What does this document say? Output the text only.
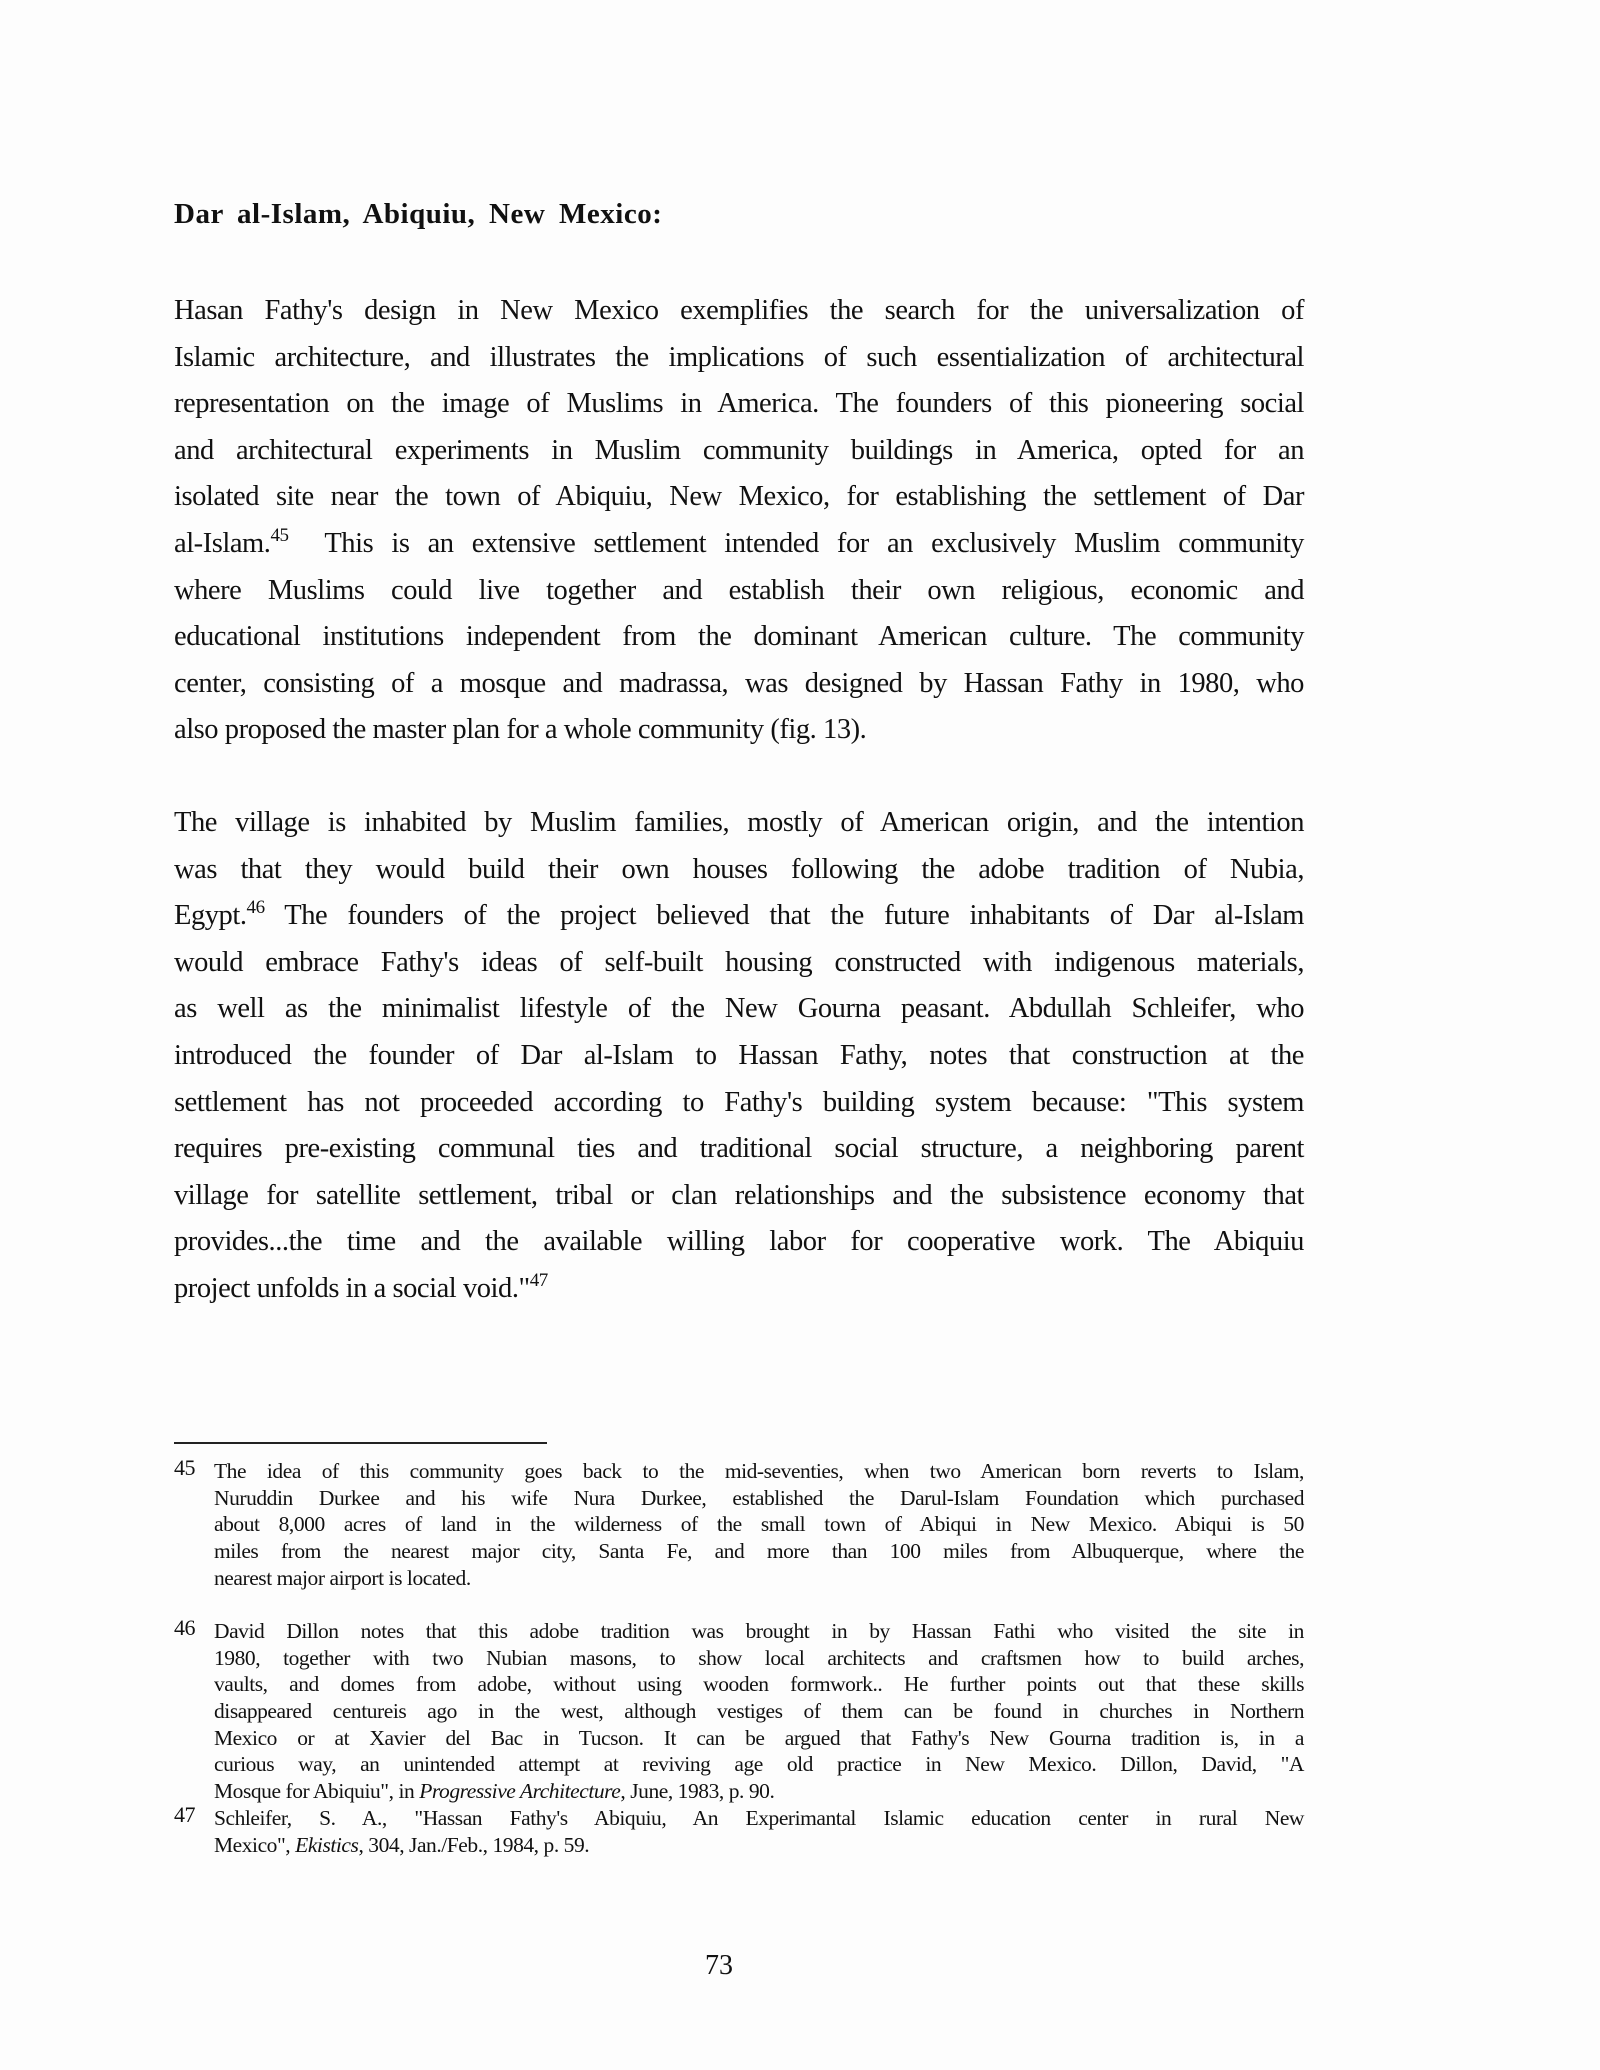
Dar al-Islam, Abiquiu, New Mexico:
Hasan Fathy's design in New Mexico exemplifies the search for the universalization of
Islamic architecture, and illustrates the implications of such essentialization of architectural
representation on the image of Muslims in America. The founders of this pioneering social
and architectural experiments in Muslim community buildings in America, opted for an
isolated site near the town of Abiquiu, New Mexico, for establishing the settlement of Dar
al-Islam.$^{45}$ This is an extensive settlement intended for an exclusively Muslim community
where Muslims could live together and establish their own religious, economic and
educational institutions independent from the dominant American culture. The community
center, consisting of a mosque and madrassa, was designed by Hassan Fathy in 1980, who
also proposed the master plan for a whole community (fig. 13).
The village is inhabited by Muslim families, mostly of American origin, and the intention
was that they would build their own houses following the adobe tradition of Nubia,
Egypt.$^{46}$ The founders of the project believed that the future inhabitants of Dar al-Islam
would embrace Fathy's ideas of self-built housing constructed with indigenous materials,
as well as the minimalist lifestyle of the New Gourna peasant. Abdullah Schleifer, who
introduced the founder of Dar al-Islam to Hassan Fathy, notes that construction at the
settlement has not proceeded according to Fathy's building system because: "This system
requires pre-existing communal ties and traditional social structure, a neighboring parent
village for satellite settlement, tribal or clan relationships and the subsistence economy that
provides...the time and the available willing labor for cooperative work. The Abiquiu
project unfolds in a social void."$^{47}$
45 The idea of this community goes back to the mid-seventies, when two American born reverts to Islam,
Nuruddin Durkee and his wife Nura Durkee, established the Darul-Islam Foundation which purchased
about 8,000 acres of land in the wilderness of the small town of Abiqui in New Mexico. Abiqui is 50
miles from the nearest major city, Santa Fe, and more than 100 miles from Albuquerque, where the
nearest major airport is located.
46 David Dillon notes that this adobe tradition was brought in by Hassan Fathi who visited the site in
1980, together with two Nubian masons, to show local architects and craftsmen how to build arches,
vaults, and domes from adobe, without using wooden formwork.. He further points out that these skills
disappeared centureis ago in the west, although vestiges of them can be found in churches in Northern
Mexico or at Xavier del Bac in Tucson. It can be argued that Fathy's New Gourna tradition is, in a
curious way, an unintended attempt at reviving age old practice in New Mexico. Dillon, David, "A
Mosque for Abiquiu", in Progressive Architecture, June, 1983, p. 90.
47 Schleifer, S. A., "Hassan Fathy's Abiquiu, An Experimantal Islamic education center in rural New
Mexico", Ekistics, 304, Jan./Feb., 1984, p. 59.
73
